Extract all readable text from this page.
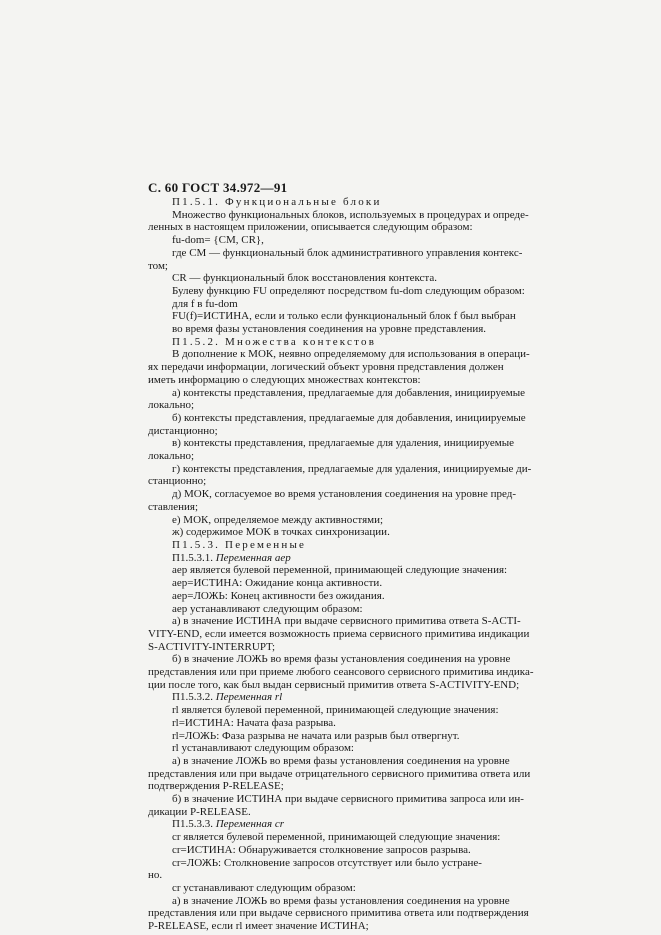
С. 60 ГОСТ 34.972—91
П1.5.1. Функциональные блоки
Множество функциональных блоков, используемых в процедурах и опреде-
ленных в настоящем приложении, описывается следующим образом:
fu-dom= {CM, CR},
где CM — функциональный блок административного управления контекс-
том;
CR — функциональный блок восстановления контекста.
Булеву функцию FU определяют посредством fu-dom следующим образом:
для f в fu-dom
FU(f)=ИСТИНА, если и только если функциональный блок f был выбран
во время фазы установления соединения на уровне представления.
П1.5.2. Множества контекстов
В дополнение к МОК, неявно определяемому для использования в операци-
ях передачи информации, логический объект уровня представления должен
иметь информацию о следующих множествах контекстов:
а) контексты представления, предлагаемые для добавления, инициируемые
локально;
б) контексты представления, предлагаемые для добавления, инициируемые
дистанционно;
в) контексты представления, предлагаемые для удаления, инициируемые
локально;
г) контексты представления, предлагаемые для удаления, инициируемые ди-
станционно;
д) МОК, согласуемое во время установления соединения на уровне пред-
ставления;
е) МОК, определяемое между активностями;
ж) содержимое МОК в точках синхронизации.
П1.5.3. Переменные
П1.5.3.1. Переменная aep
aep является булевой переменной, принимающей следующие значения:
aep=ИСТИНА: Ожидание конца активности.
aep=ЛОЖЬ: Конец активности без ожидания.
aep устанавливают следующим образом:
а) в значение ИСТИНА при выдаче сервисного примитива ответа S-ACTI-
VITY-END, если имеется возможность приема сервисного примитива индикации
S-ACTIVITY-INTERRUPT;
б) в значение ЛОЖЬ во время фазы установления соединения на уровне
представления или при приеме любого сеансового сервисного примитива индика-
ции после того, как был выдан сервисный примитив ответа S-ACTIVITY-END;
П1.5.3.2. Переменная rl
rl является булевой переменной, принимающей следующие значения:
rl=ИСТИНА: Начата фаза разрыва.
rl=ЛОЖЬ: Фаза разрыва не начата или разрыв был отвергнут.
rl устанавливают следующим образом:
а) в значение ЛОЖЬ во время фазы установления соединения на уровне
представления или при выдаче отрицательного сервисного примитива ответа или
подтверждения P-RELEASE;
б) в значение ИСТИНА при выдаче сервисного примитива запроса или ин-
дикации P-RELEASE.
П1.5.3.3. Переменная cr
cr является булевой переменной, принимающей следующие значения:
cr=ИСТИНА: Обнаруживается столкновение запросов разрыва.
cr=ЛОЖЬ: Столкновение запросов отсутствует или было устране-
но.
cr устанавливают следующим образом:
а) в значение ЛОЖЬ во время фазы установления соединения на уровне
представления или при выдаче сервисного примитива ответа или подтверждения
P-RELEASE, если rl имеет значение ИСТИНА;
